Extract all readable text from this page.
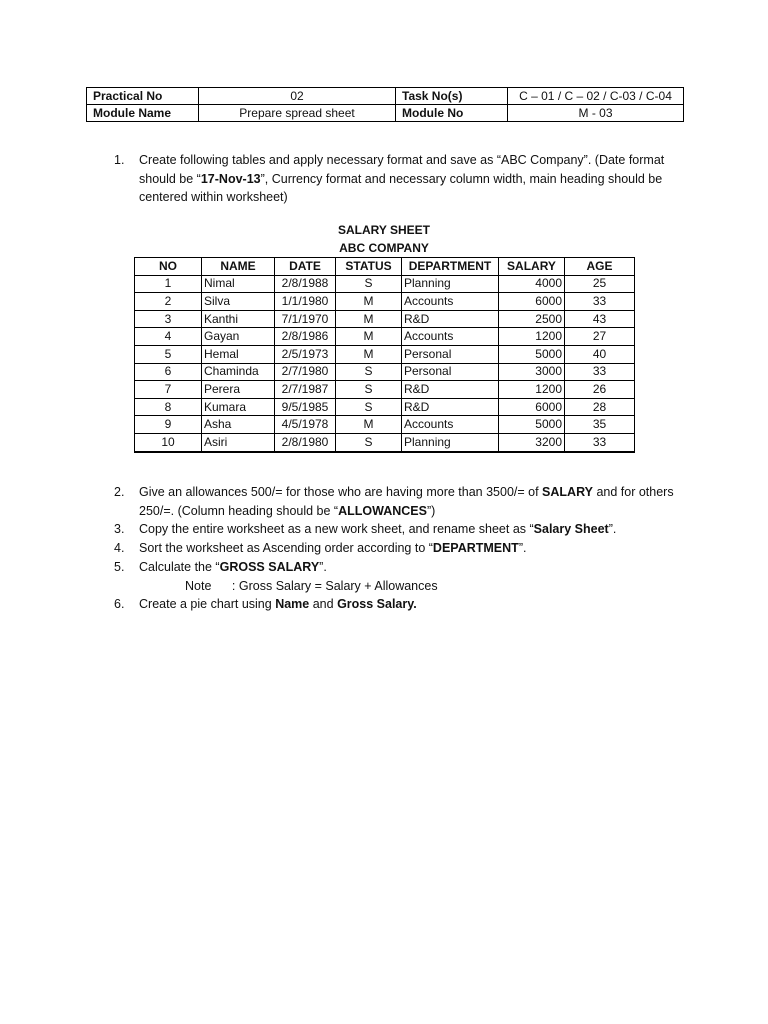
Practical No	02	Task No(s)	C – 01 / C – 02 / C-03 / C-04
Module Name	Prepare spread sheet	Module No	M - 03
1. Create following tables and apply necessary format and save as “ABC Company”. (Date format should be “17-Nov-13”, Currency format and necessary column width, main heading should be centered within worksheet)
SALARY SHEET
ABC COMPANY
NO	NAME	DATE	STATUS	DEPARTMENT	SALARY	AGE
1	Nimal	2/8/1988	S	Planning	4000	25
2	Silva	1/1/1980	M	Accounts	6000	33
3	Kanthi	7/1/1970	M	R&D	2500	43
4	Gayan	2/8/1986	M	Accounts	1200	27
5	Hemal	2/5/1973	M	Personal	5000	40
6	Chaminda	2/7/1980	S	Personal	3000	33
7	Perera	2/7/1987	S	R&D	1200	26
8	Kumara	9/5/1985	S	R&D	6000	28
9	Asha	4/5/1978	M	Accounts	5000	35
10	Asiri	2/8/1980	S	Planning	3200	33
2. Give an allowances 500/= for those who are having more than 3500/= of SALARY and for others 250/=. (Column heading should be “ALLOWANCES”)
3. Copy the entire worksheet as a new work sheet, and rename sheet as “Salary Sheet”.
4. Sort the worksheet as Ascending order according to “DEPARTMENT”.
5. Calculate the “GROSS SALARY”.
Note : Gross Salary = Salary + Allowances
6. Create a pie chart using Name and Gross Salary.
